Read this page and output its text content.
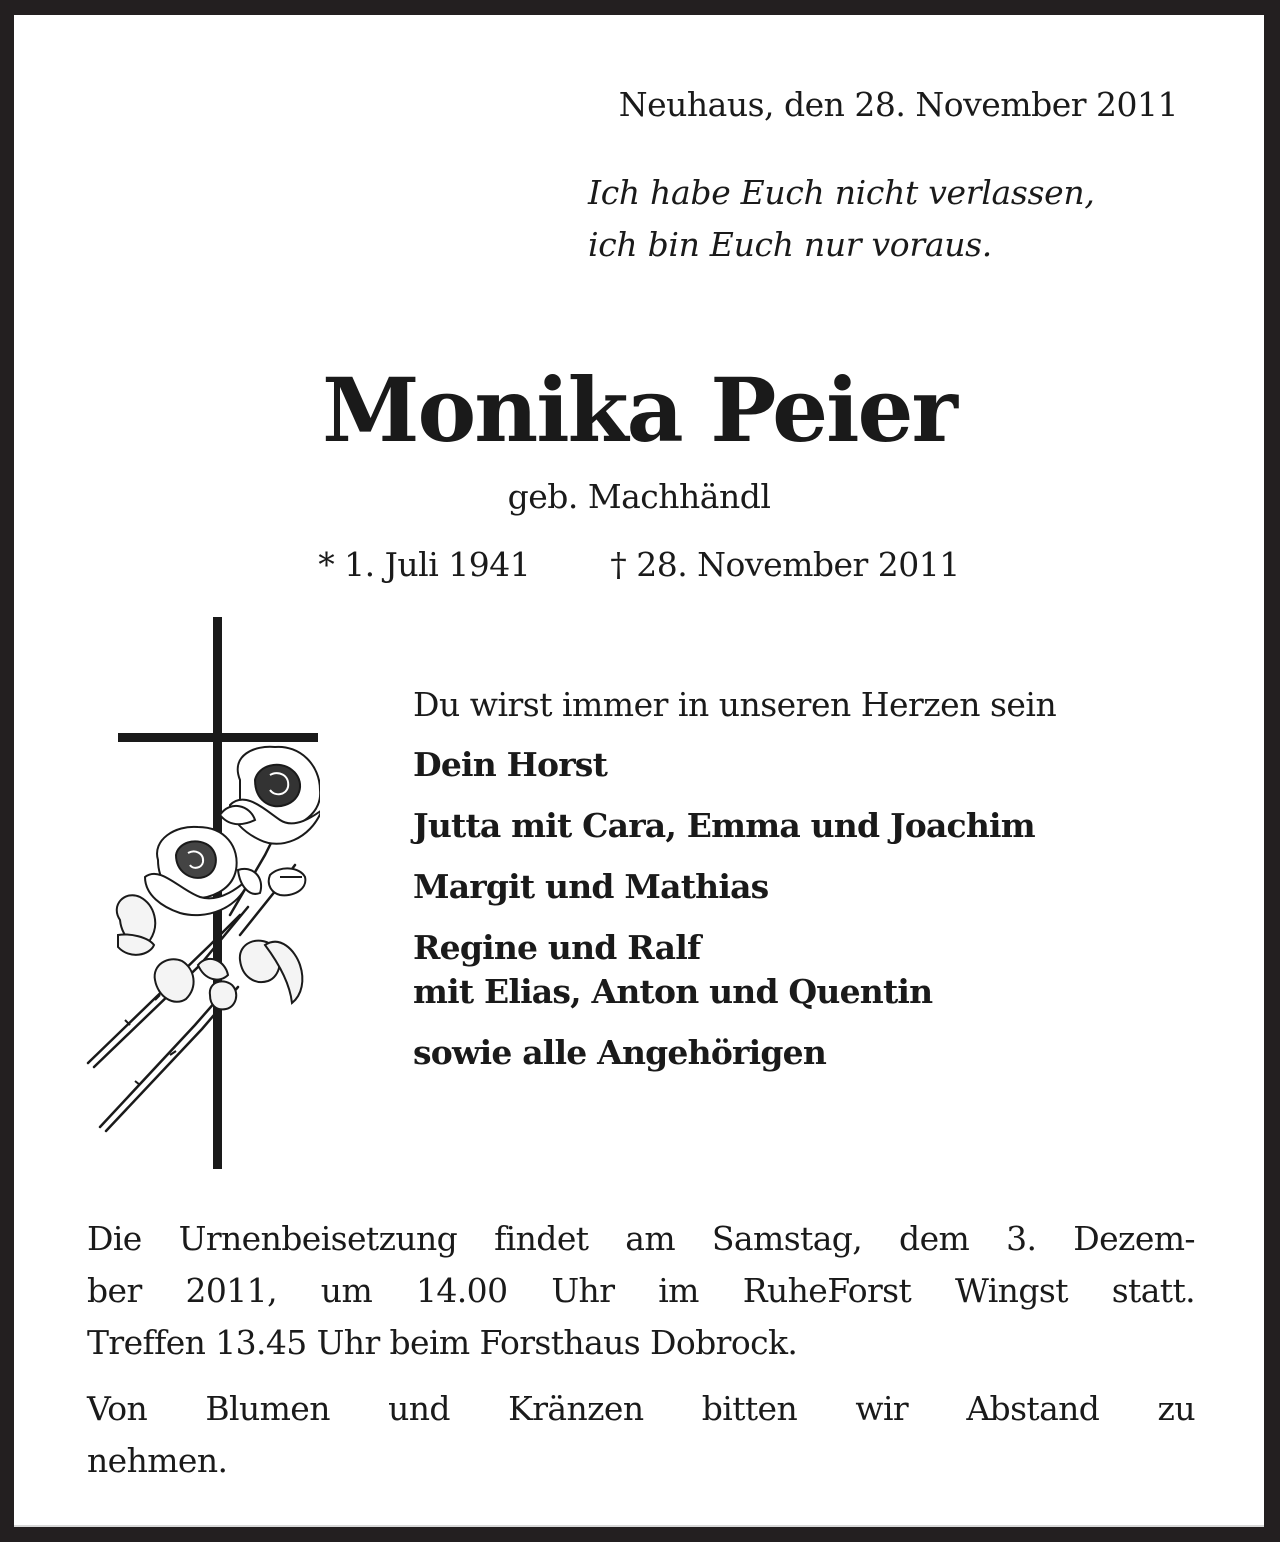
Neuhaus, den 28. November 2011
Ich habe Euch nicht verlassen,
ich bin Euch nur voraus.
Monika Peier
geb. Machhändl
* 1. Juli 1941 † 28. November 2011
Du wirst immer in unseren Herzen sein
Dein Horst
Jutta mit Cara, Emma und Joachim
Margit und Mathias
Regine und Ralf
mit Elias, Anton und Quentin
sowie alle Angehörigen

Die Urnenbeisetzung findet am Samstag, dem 3. Dezem-
ber 2011, um 14.00 Uhr im RuheForst Wingst statt.
Treffen 13.45 Uhr beim Forsthaus Dobrock.

Von Blumen und Kränzen bitten wir Abstand zu
nehmen.
